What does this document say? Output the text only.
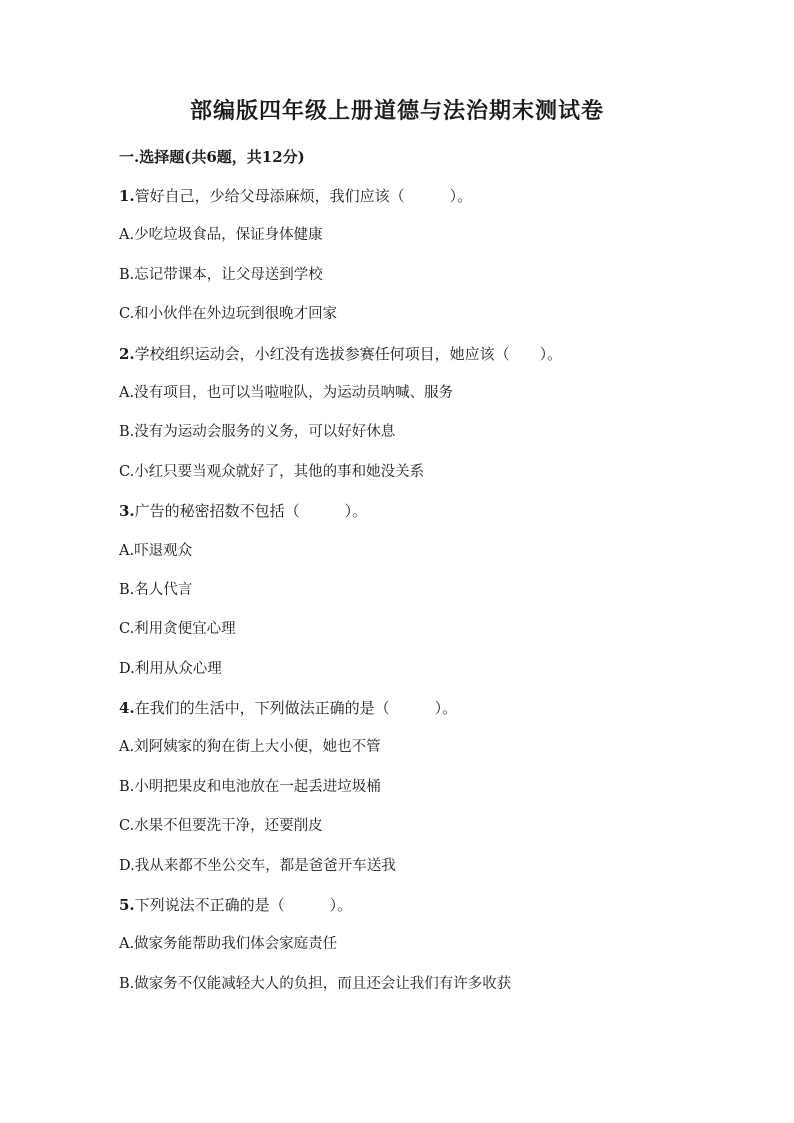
部编版四年级上册道德与法治期末测试卷
一.选择题(共6题，共12分)
1.管好自己，少给父母添麻烦，我们应该（　　　）。
A.少吃垃圾食品，保证身体健康
B.忘记带课本，让父母送到学校
C.和小伙伴在外边玩到很晚才回家
2.学校组织运动会，小红没有选拔参赛任何项目，她应该（　　）。
A.没有项目，也可以当啦啦队，为运动员呐喊、服务
B.没有为运动会服务的义务，可以好好休息
C.小红只要当观众就好了，其他的事和她没关系
3.广告的秘密招数不包括（　　　）。
A.吓退观众
B.名人代言
C.利用贪便宜心理
D.利用从众心理
4.在我们的生活中，下列做法正确的是（　　　）。
A.刘阿姨家的狗在街上大小便，她也不管
B.小明把果皮和电池放在一起丢进垃圾桶
C.水果不但要洗干净，还要削皮
D.我从来都不坐公交车，都是爸爸开车送我
5.下列说法不正确的是（　　　）。
A.做家务能帮助我们体会家庭责任
B.做家务不仅能减轻大人的负担，而且还会让我们有许多收获
